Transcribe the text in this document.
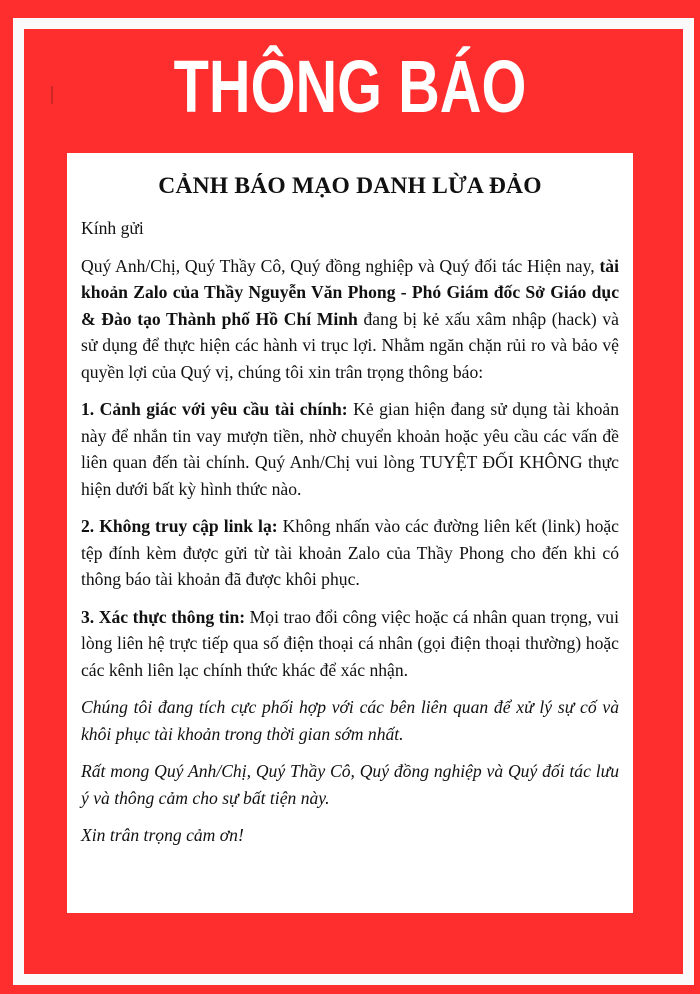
THÔNG BÁO
CẢNH BÁO MẠO DANH LỪA ĐẢO

Kính gửi

Quý Anh/Chị, Quý Thầy Cô, Quý đồng nghiệp và Quý đối tác Hiện nay, tài khoản Zalo của Thầy Nguyễn Văn Phong - Phó Giám đốc Sở Giáo dục & Đào tạo Thành phố Hồ Chí Minh đang bị kẻ xấu xâm nhập (hack) và sử dụng để thực hiện các hành vi trục lợi. Nhằm ngăn chặn rủi ro và bảo vệ quyền lợi của Quý vị, chúng tôi xin trân trọng thông báo:

1. Cảnh giác với yêu cầu tài chính: Kẻ gian hiện đang sử dụng tài khoản này để nhắn tin vay mượn tiền, nhờ chuyển khoản hoặc yêu cầu các vấn đề liên quan đến tài chính. Quý Anh/Chị vui lòng TUYỆT ĐỐI KHÔNG thực hiện dưới bất kỳ hình thức nào.

2. Không truy cập link lạ: Không nhấn vào các đường liên kết (link) hoặc tệp đính kèm được gửi từ tài khoản Zalo của Thầy Phong cho đến khi có thông báo tài khoản đã được khôi phục.

3. Xác thực thông tin: Mọi trao đổi công việc hoặc cá nhân quan trọng, vui lòng liên hệ trực tiếp qua số điện thoại cá nhân (gọi điện thoại thường) hoặc các kênh liên lạc chính thức khác để xác nhận.

Chúng tôi đang tích cực phối hợp với các bên liên quan để xử lý sự cố và khôi phục tài khoản trong thời gian sớm nhất.

Rất mong Quý Anh/Chị, Quý Thầy Cô, Quý đồng nghiệp và Quý đối tác lưu ý và thông cảm cho sự bất tiện này.

Xin trân trọng cảm ơn!
